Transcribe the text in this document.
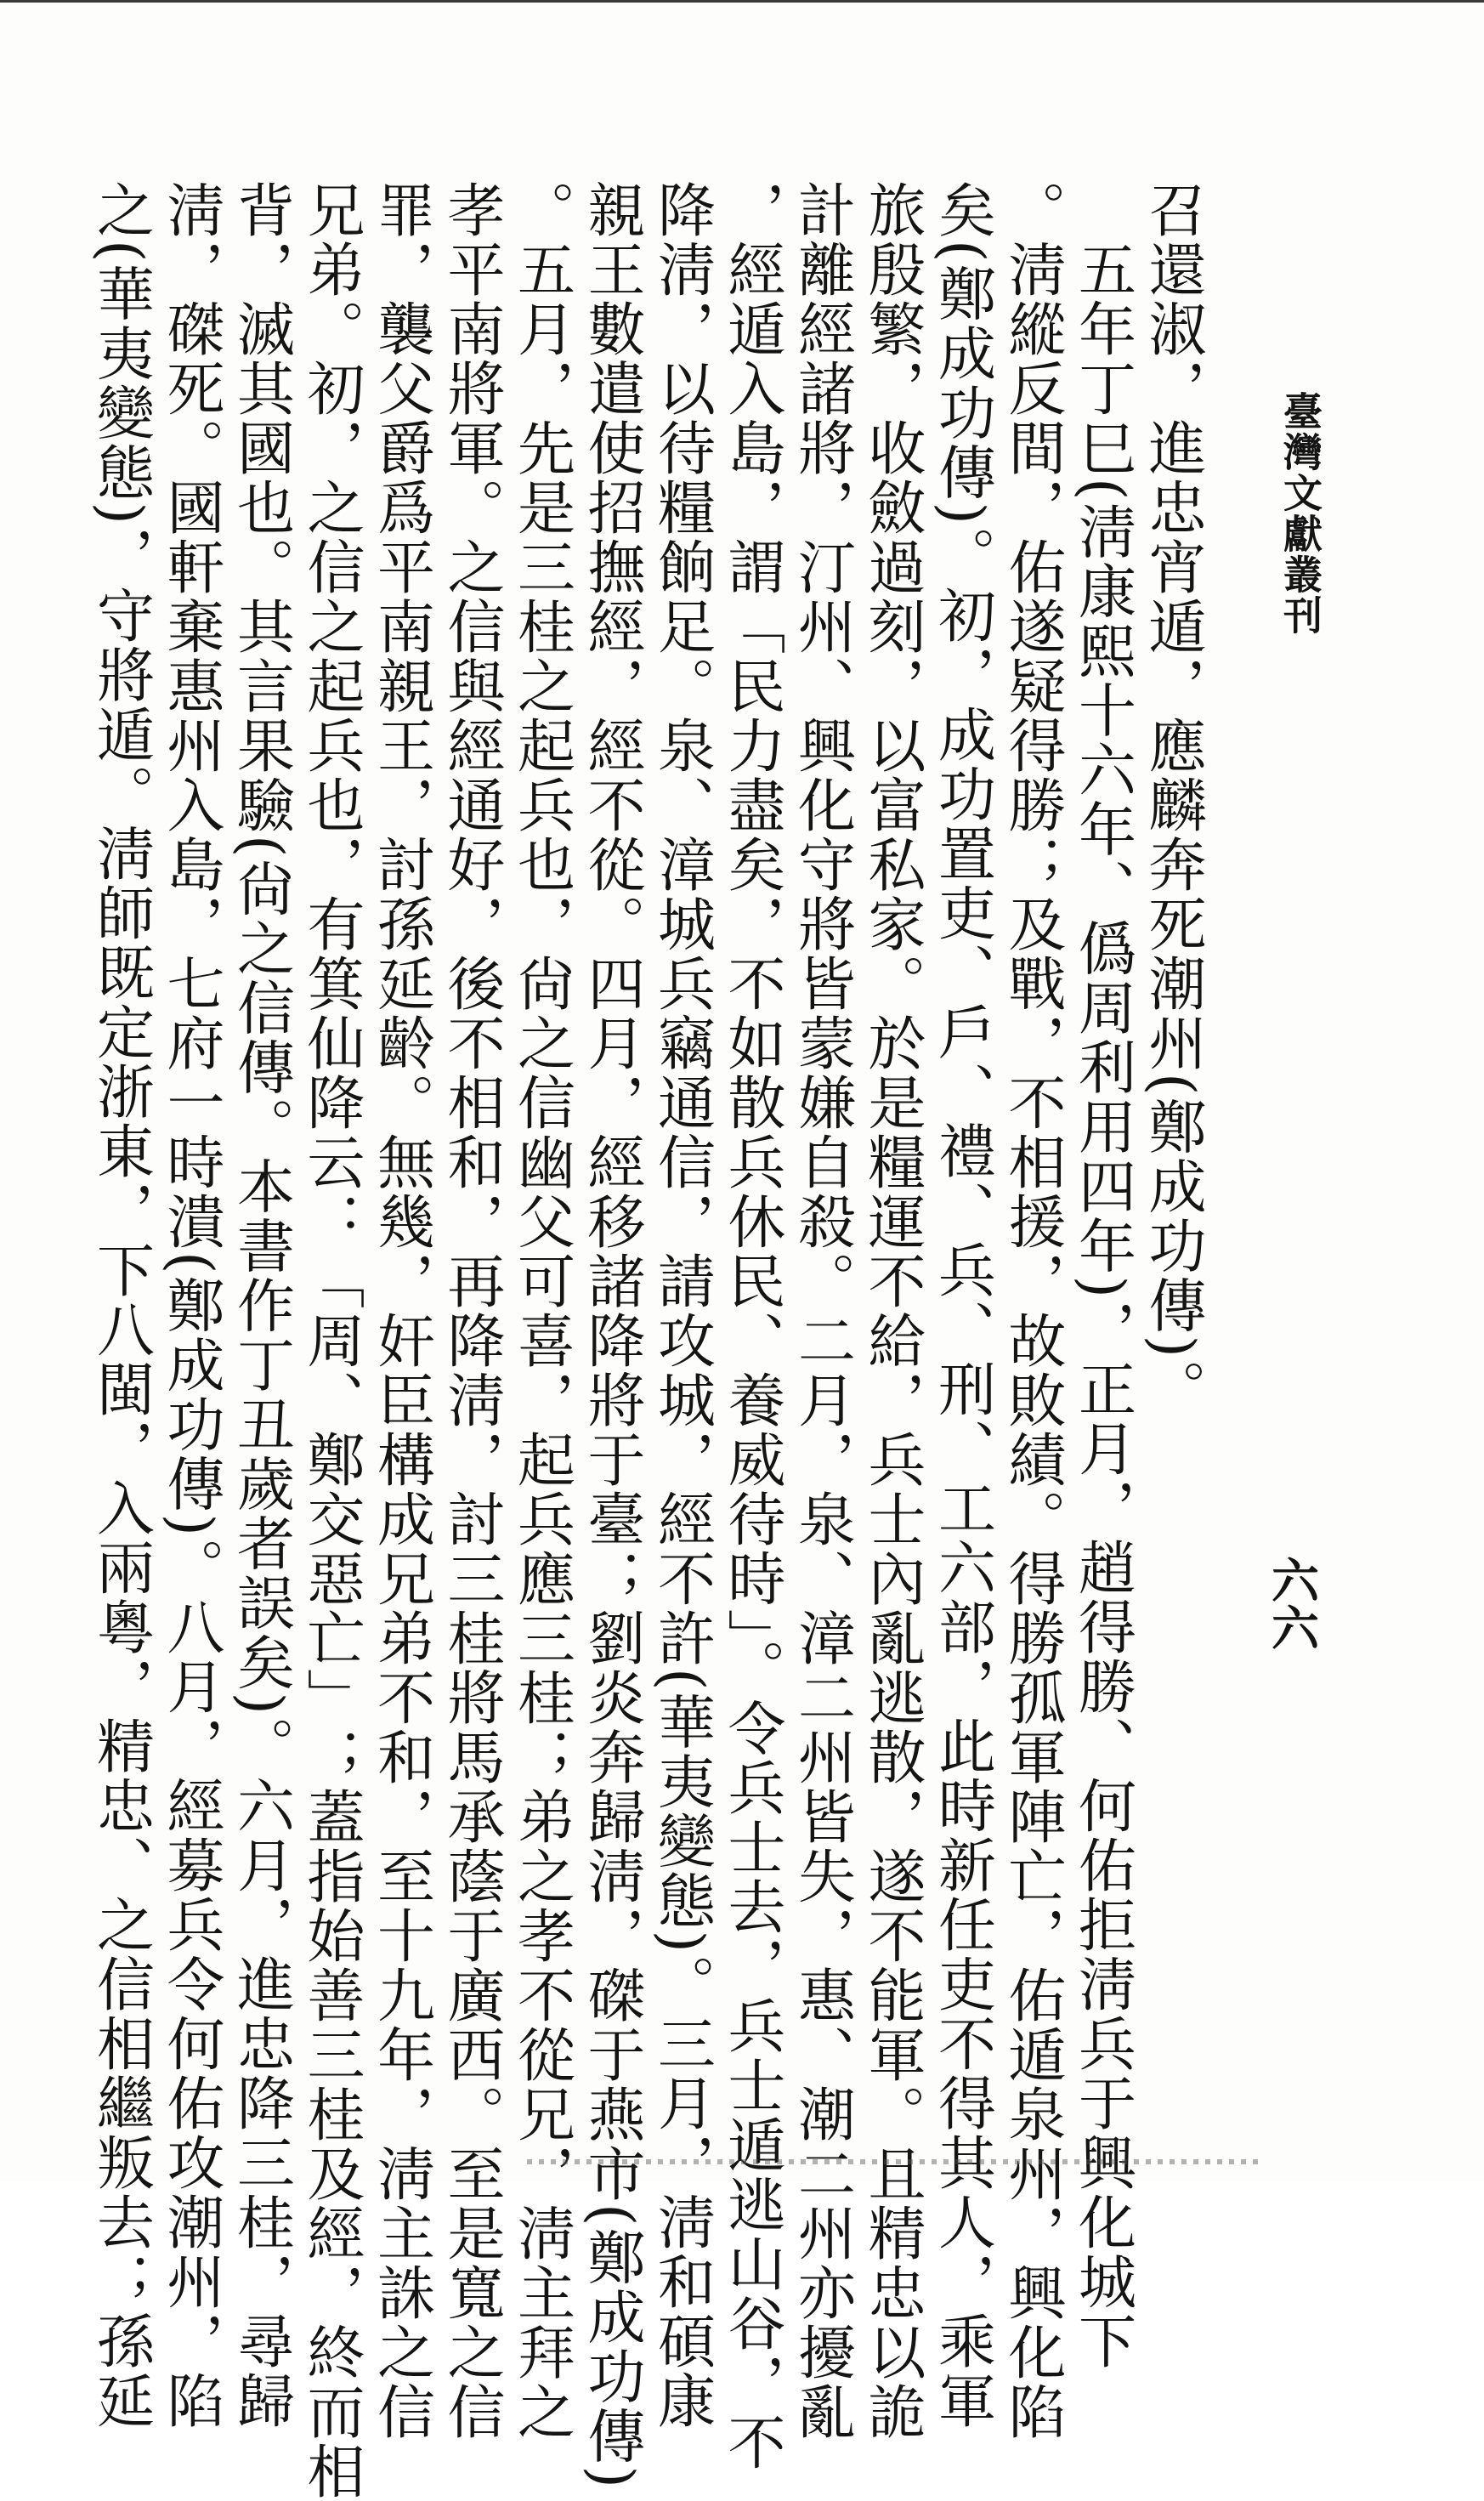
臺灣文獻叢刊
六六
召還淑，進忠宵遁，應麟奔死潮州(鄭成功傳)。
　五年丁巳(淸康熙十六年、僞周利用四年)，正月，趙得勝、何佑拒淸兵于興化城下
。淸縱反間，佑遂疑得勝；及戰，不相援，故敗績。得勝孤軍陣亡，佑遁泉州，興化陷
矣(鄭成功傳)。初，成功置吏、戶、禮、兵、刑、工六部，此時新任吏不得其人，乘軍
旅殷繁，收斂過刻，以富私家。於是糧運不給，兵士內亂逃散，遂不能軍。且精忠以詭
計離經諸將，汀州、興化守將皆蒙嫌自殺。二月，泉、漳二州皆失，惠、潮二州亦擾亂
，經遁入島，謂「民力盡矣，不如散兵休民、養威待時」。令兵士去，兵士遁逃山谷，不
降淸，以待糧餉足。泉、漳城兵竊通信，請攻城，經不許(華夷變態)。三月，淸和碩康
親王數遣使招撫經，經不從。四月，經移諸降將于臺；劉炎奔歸淸，磔于燕市(鄭成功傳)
。五月，先是三桂之起兵也，尙之信幽父可喜，起兵應三桂；弟之孝不從兄，淸主拜之
孝平南將軍。之信與經通好，後不相和，再降淸，討三桂將馬承蔭于廣西。至是寬之信
罪，襲父爵爲平南親王，討孫延齡。無幾，奸臣構成兄弟不和，至十九年，淸主誅之信
兄弟。初，之信之起兵也，有箕仙降云：「周、鄭交惡亡」；蓋指始善三桂及經，終而相
背，滅其國也。其言果驗(尙之信傳。本書作丁丑歲者誤矣)。六月，進忠降三桂，尋歸
淸，磔死。國軒棄惠州入島，七府一時潰(鄭成功傳)。八月，經募兵令何佑攻潮州，陷
之(華夷變態)，守將遁。淸師既定浙東，下八閩，入兩粵，精忠、之信相繼叛去；孫延
